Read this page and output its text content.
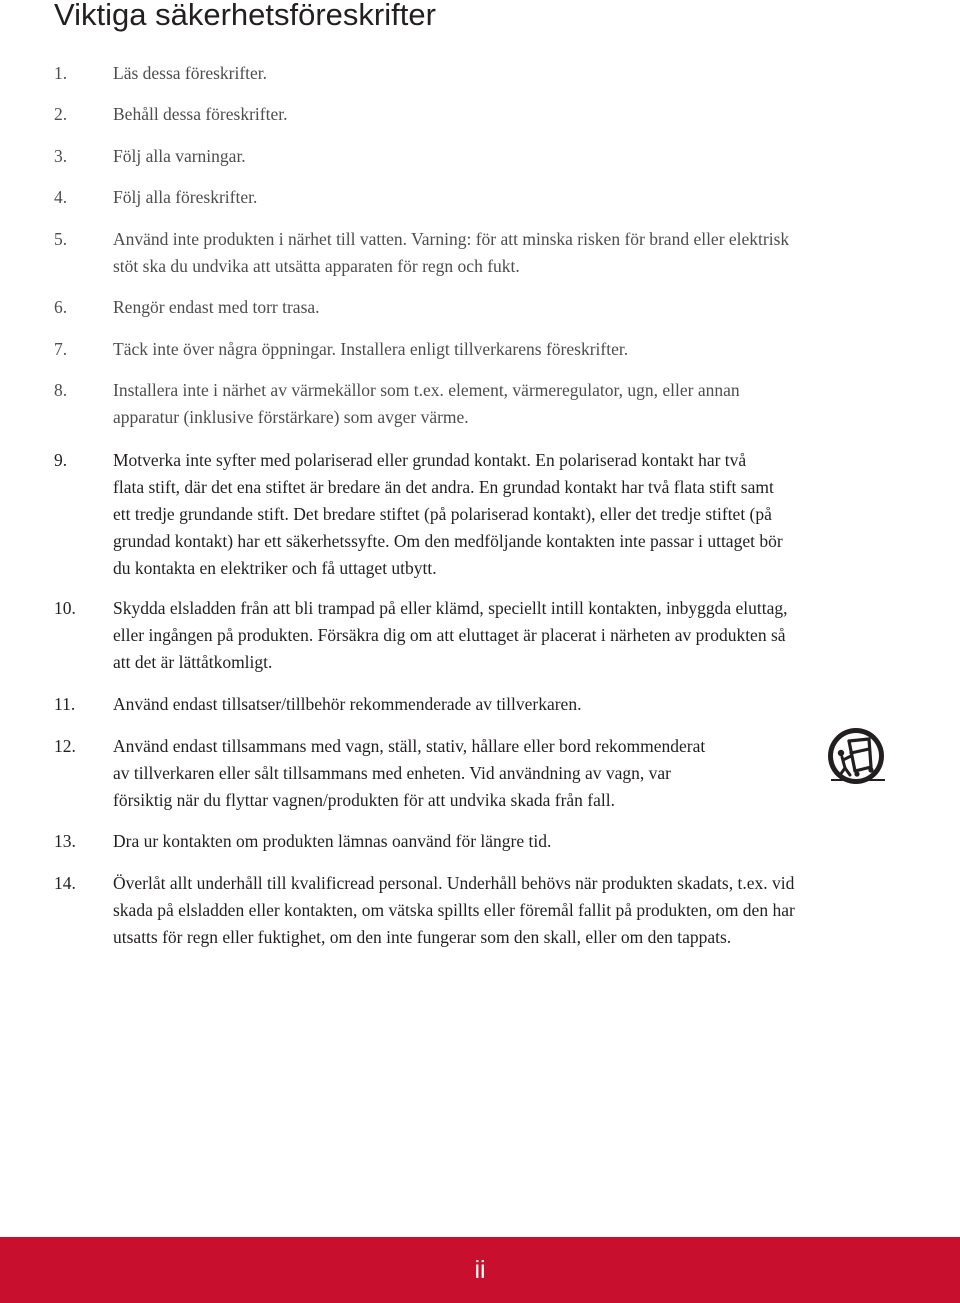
Viktiga säkerhetsföreskrifter
1.	Läs dessa föreskrifter.
2.	Behåll dessa föreskrifter.
3.	Följ alla varningar.
4.	Följ alla föreskrifter.
5.	Använd inte produkten i närhet till vatten. Varning: för att minska risken för brand eller elektrisk
stöt ska du undvika att utsätta apparaten för regn och fukt.
6.	Rengör endast med torr trasa.
7.	Täck inte över några öppningar. Installera enligt tillverkarens föreskrifter.
8.	Installera inte i närhet av värmekällor som t.ex. element, värmeregulator, ugn, eller annan
apparatur (inklusive förstärkare) som avger värme.
9.	Motverka inte syfter med polariserad eller grundad kontakt. En polariserad kontakt har två
flata stift, där det ena stiftet är bredare än det andra. En grundad kontakt har två flata stift samt
ett tredje grundande stift. Det bredare stiftet (på polariserad kontakt), eller det tredje stiftet (på
grundad kontakt) har ett säkerhetssyfte. Om den medföljande kontakten inte passar i uttaget bör
du kontakta en elektriker och få uttaget utbytt.
10. Skydda elsladden från att bli trampad på eller klämd, speciellt intill kontakten, inbyggda eluttag,
eller ingången på produkten. Försäkra dig om att eluttaget är placerat i närheten av produkten så
att det är lättåtkomligt.
11. Använd endast tillsatser/tillbehör rekommenderade av tillverkaren.
12. Använd endast tillsammans med vagn, ställ, stativ, hållare eller bord rekommenderat
av tillverkaren eller sålt tillsammans med enheten. Vid användning av vagn, var
försiktig när du flyttar vagnen/produkten för att undvika skada från fall.
13. Dra ur kontakten om produkten lämnas oanvänd för längre tid.
14. Överlåt allt underhåll till kvalificread personal. Underhåll behövs när produkten skadats, t.ex. vid
skada på elsladden eller kontakten, om vätska spillts eller föremål fallit på produkten, om den har
utsatts för regn eller fuktighet, om den inte fungerar som den skall, eller om den tappats.
ii
